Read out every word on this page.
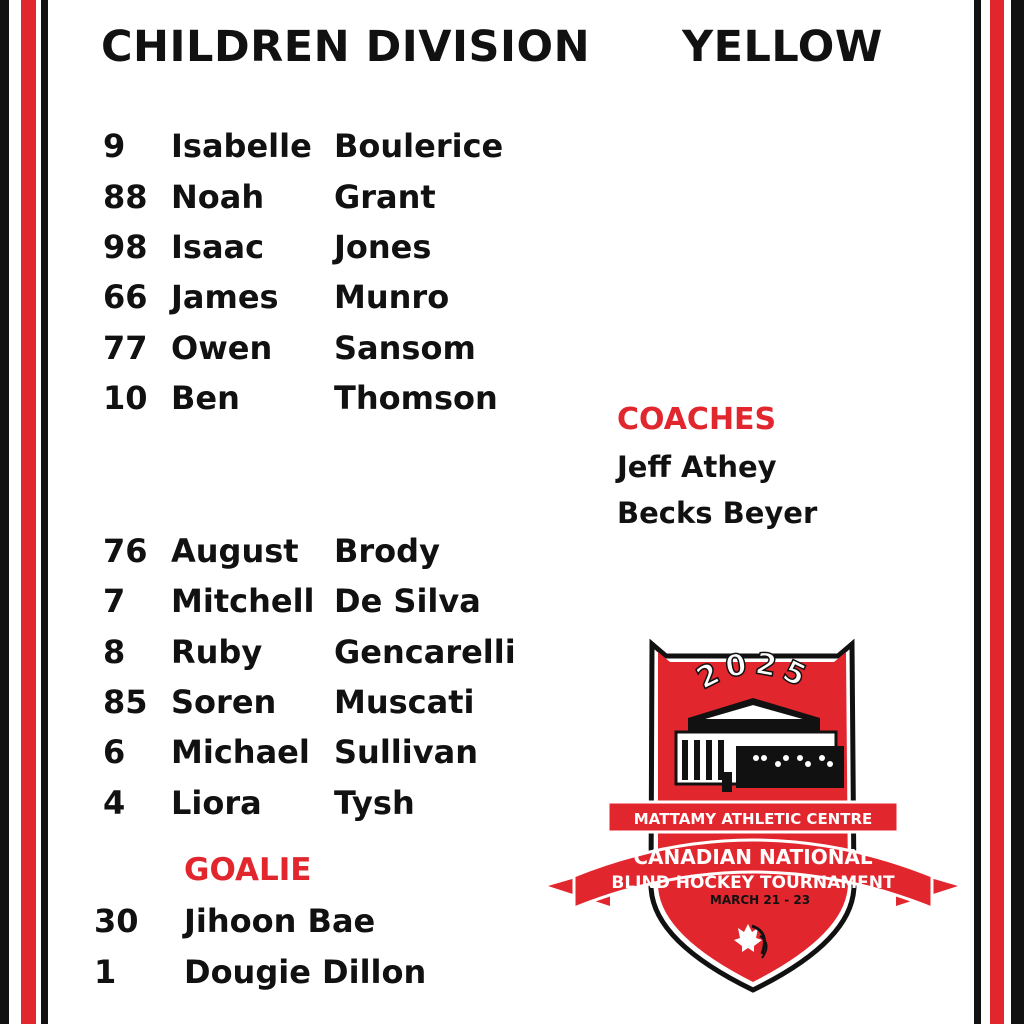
CHILDREN DIVISION YELLOW
9 Isabelle Boulerice
88 Noah Grant
98 Isaac Jones
66 James Munro
77 Owen Sansom
10 Ben	Thomson
76 August Brody
7 Mitchell De Silva
8 Ruby Gencarelli
85 Soren Muscati
6 Michael Sullivan
4 Liora Tysh
GOALIE
30 Jihoon Bae
1 Dougie Dillon
COACHES
Jeff Athey
Becks Beyer
2025
MATTAMY ATHLETIC CENTRE
CANADIAN NATIONAL
BLIND HOCKEY TOURNAMENT
MARCH 21 - 23
